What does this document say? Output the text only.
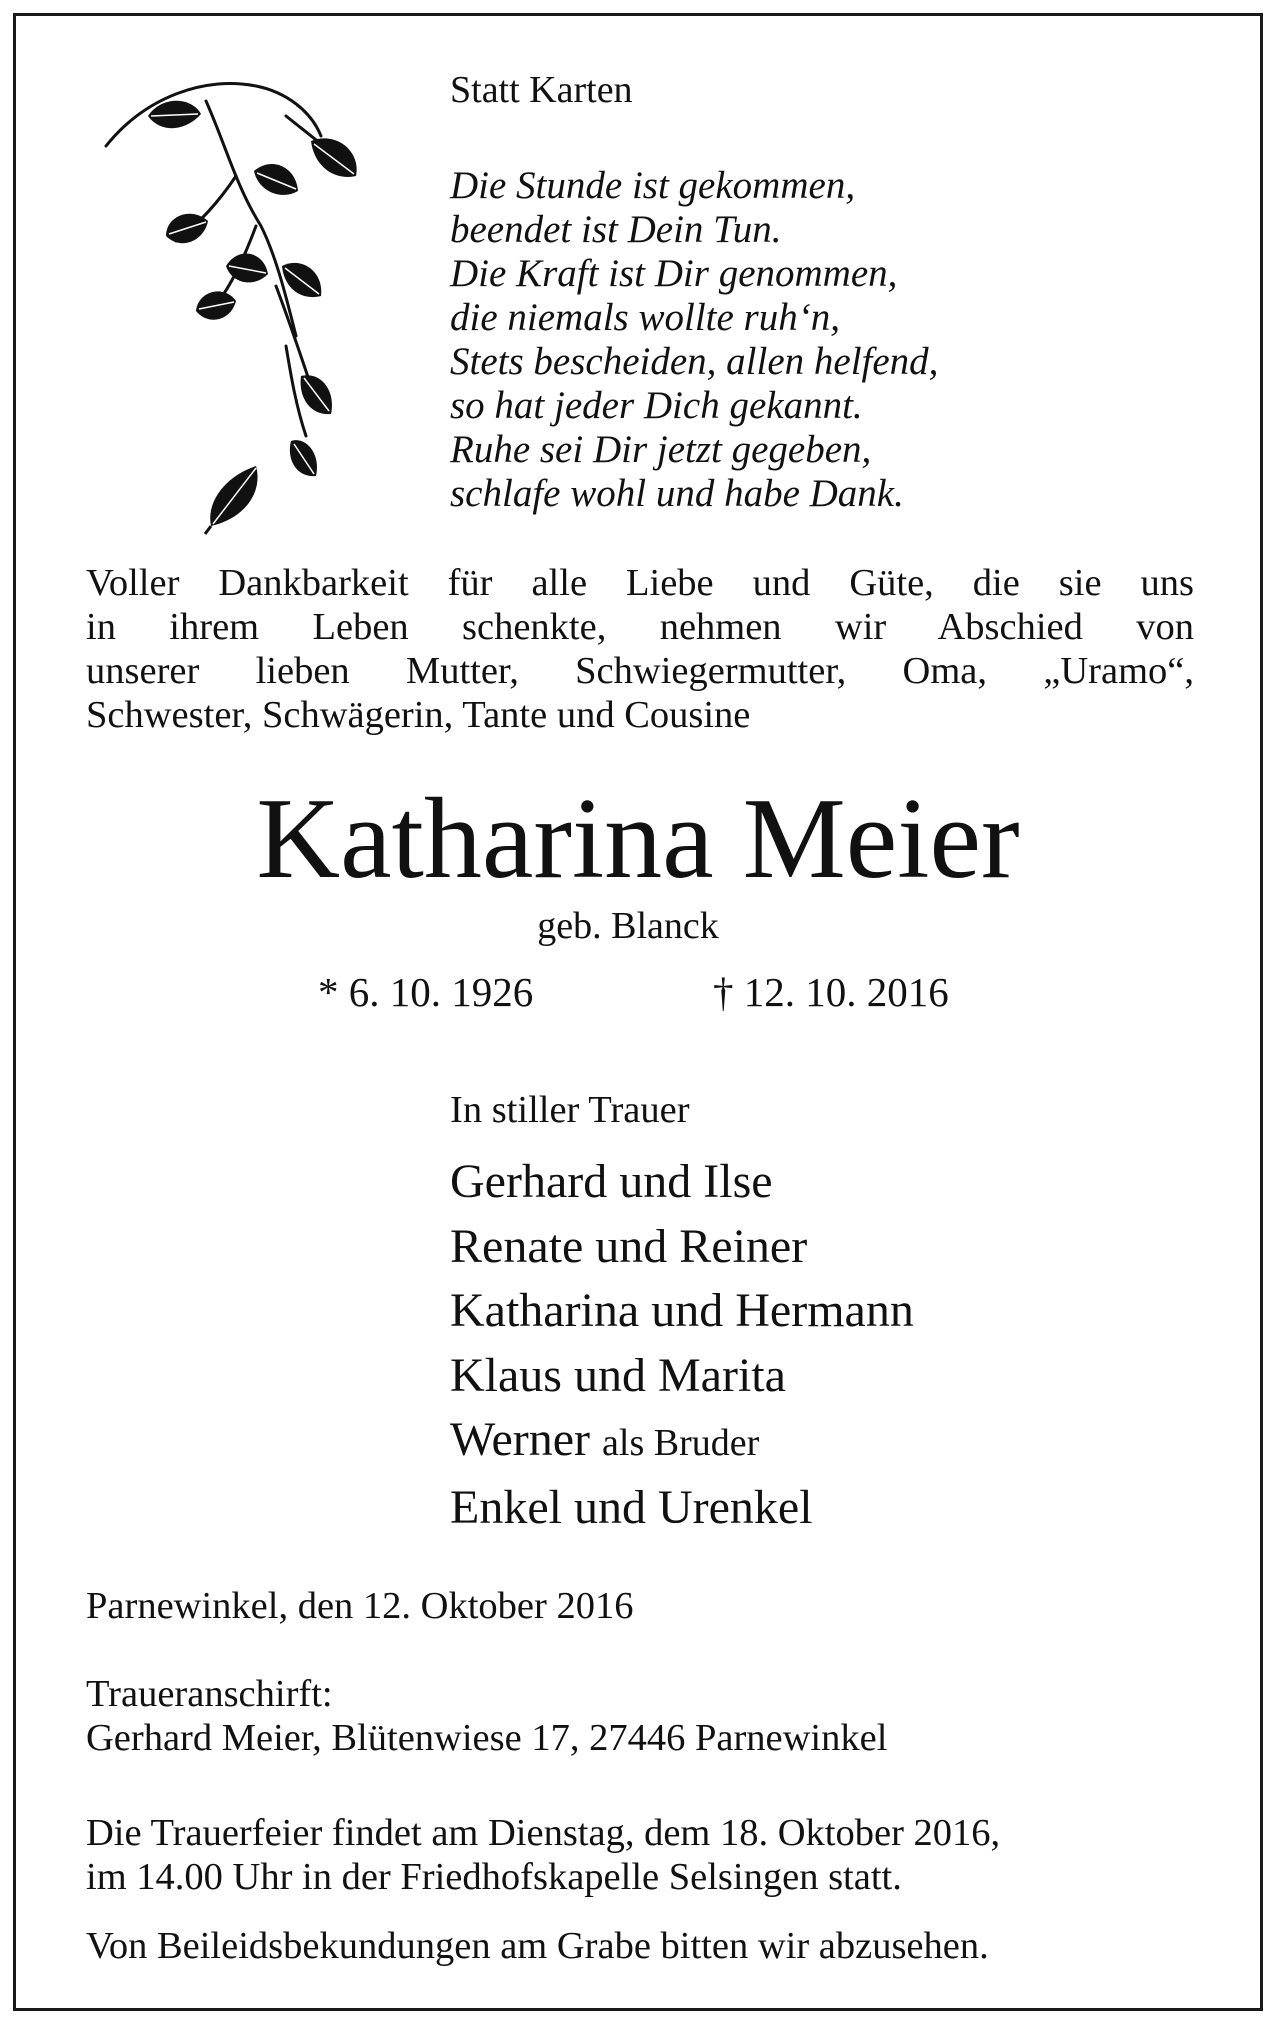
Statt Karten
Die Stunde ist gekommen,
beendet ist Dein Tun.
Die Kraft ist Dir genommen,
die niemals wollte ruh‘n,
Stets bescheiden, allen helfend,
so hat jeder Dich gekannt.
Ruhe sei Dir jetzt gegeben,
schlafe wohl und habe Dank.
Voller Dankbarkeit für alle Liebe und Güte, die sie uns
in ihrem Leben schenkte, nehmen wir Abschied von
unserer lieben Mutter, Schwiegermutter, Oma, „Uramo“,
Schwester, Schwägerin, Tante und Cousine
Katharina Meier
geb. Blanck
* 6. 10. 1926	† 12. 10. 2016
In stiller Trauer
Gerhard und Ilse
Renate und Reiner
Katharina und Hermann
Klaus und Marita
Werner als Bruder
Enkel und Urenkel
Parnewinkel, den 12. Oktober 2016
Traueranschirft:
Gerhard Meier, Blütenwiese 17, 27446 Parnewinkel
Die Trauerfeier findet am Dienstag, dem 18. Oktober 2016,
im 14.00 Uhr in der Friedhofskapelle Selsingen statt.
Von Beileidsbekundungen am Grabe bitten wir abzusehen.
